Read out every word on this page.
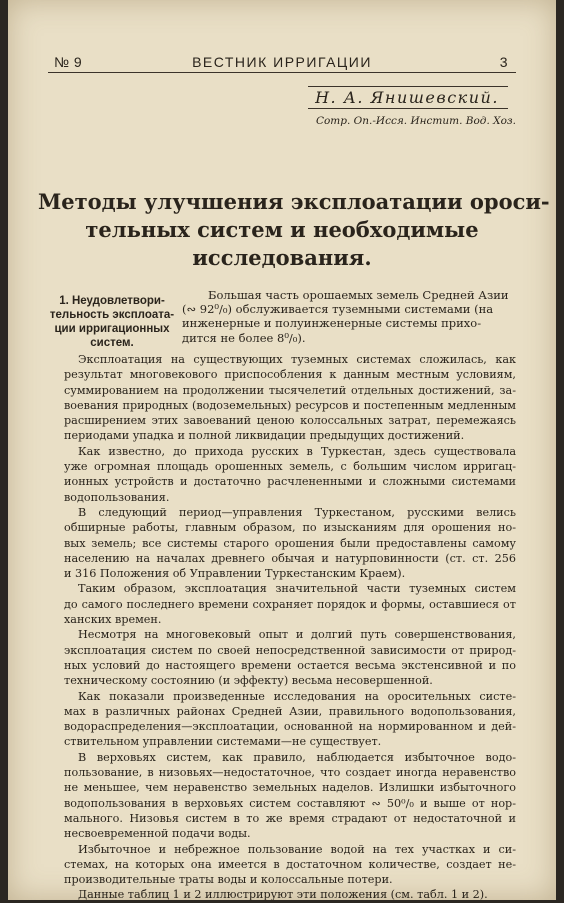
№ 9	ВЕСТНИК ИРРИГАЦИИ	3
Н. А. Янишевский.
Сотр. Оп.-Исся. Инстит. Вод. Хоз.
Методы улучшения эксплоатации ороси-
тельных систем и необходимые
исследования.
1. Неудовлетвори-
тельность эксплоата-
ции ирригационных
систем.
Большая часть орошаемых земель Средней Азии
(∾ 92⁰/₀) обслуживается туземными системами (на
инженерные и полуинженерные системы прихо-
дится не более 8⁰/₀).

Эксплоатация на существующих туземных системах сложилась, как
результат многовекового приспособления к данным местным условиям,
суммированием на продолжении тысячелетий отдельных достижений, за-
воевания природных (водоземельных) ресурсов и постепенным медленным
расширением этих завоеваний ценою колоссальных затрат, перемежаясь
периодами упадка и полной ликвидации предыдущих достижений.

Как известно, до прихода русских в Туркестан, здесь существовала
уже огромная площадь орошенных земель, с большим числом ирригац-
ионных устройств и достаточно расчлененными и сложными системами
водопользования.

В следующий период—управления Туркестаном, русскими велись
обширные работы, главным образом, по изысканиям для орошения но-
вых земель; все системы старого орошения были предоставлены самому
населению на началах древнего обычая и натурповинности (ст. ст. 256
и 316 Положения об Управлении Туркестанским Краем).

Таким образом, эксплоатация значительной части туземных систем
до самого последнего времени сохраняет порядок и формы, оставшиеся от
ханских времен.

Несмотря на многовековый опыт и долгий путь совершенствования,
эксплоатация систем по своей непосредственной зависимости от природ-
ных условий до настоящего времени остается весьма экстенсивной и по
техническому состоянию (и эффекту) весьма несовершенной.

Как показали произведенные исследования на оросительных систе-
мах в различных районах Средней Азии, правильного водопользования,
водораспределения—эксплоатации, основанной на нормированном и дей-
ствительном управлении системами—не существует.

В верховьях систем, как правило, наблюдается избыточное водо-
пользование, в низовьях—недостаточное, что создает иногда неравенство
не меньшее, чем неравенство земельных наделов. Излишки избыточного
водопользования в верховьях систем составляют ∾ 50⁰/₀ и выше от нор-
мального. Низовья систем в то же время страдают от недостаточной и
несвоевременной подачи воды.

Избыточное и небрежное пользование водой на тех участках и си-
стемах, на которых она имеется в достаточном количестве, создает не-
производительные траты воды и колоссальные потери.

Данные таблиц 1 и 2 иллюстрируют эти положения (см. табл. 1 и 2).
